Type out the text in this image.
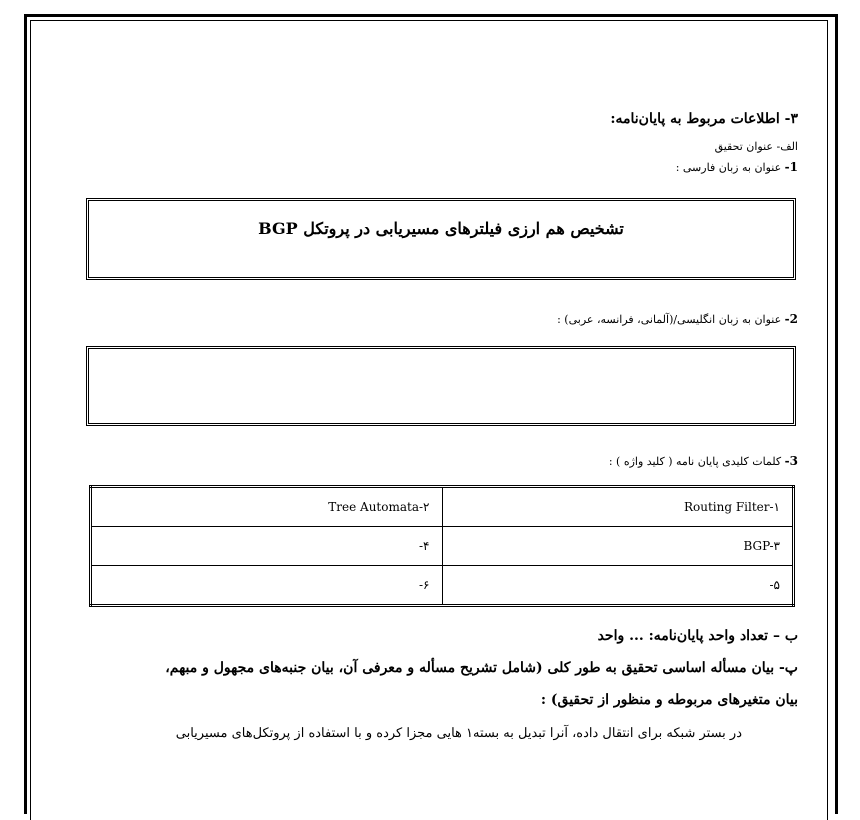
۳- اطلاعات مربوط به پایان‌نامه:
الف- عنوان تحقیق
1- عنوان به زبان فارسی :
تشخیص هم ارزی فیلترهای مسیریابی در پروتکل BGP
2- عنوان به زبان انگلیسی/(آلمانی، فرانسه، عربی) :
3- کلمات کلیدی پایان نامه ( کلید واژه ) :
Tree Automata-۲	Routing Filter-۱
-۴	BGP-۳
-۶	-۵
ب – تعداد واحد پایان‌نامه: ... واحد
پ- بیان مسأله اساسی تحقیق به طور کلی (شامل تشریح مسأله و معرفی آن، بیان جنبه‌های مجهول و مبهم،
بیان متغیرهای مربوطه و منظور از تحقیق) :
در بستر شبکه برای انتقال داده، آنرا تبدیل به بسته۱ هایی مجزا کرده و با استفاده از پروتکل‌های مسیریابی
